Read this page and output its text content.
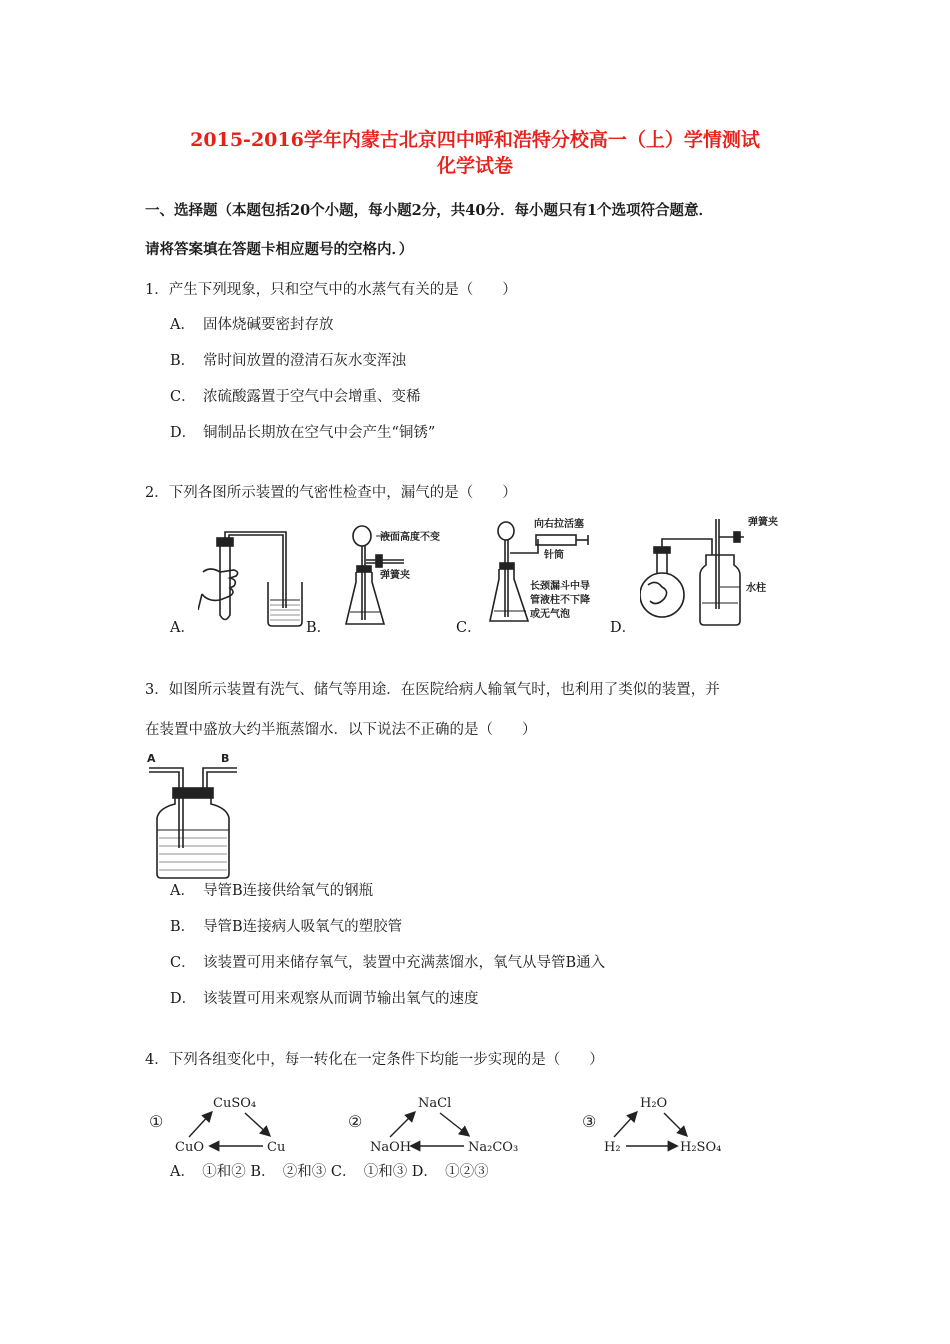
2015-2016学年内蒙古北京四中呼和浩特分校高一（上）学情测试
化学试卷
一、选择题（本题包括20个小题，每小题2分，共40分．每小题只有1个选项符合题意．
请将答案填在答题卡相应题号的空格内．）
1．产生下列现象，只和空气中的水蒸气有关的是（　　）
A． 固体烧碱要密封存放
B． 常时间放置的澄清石灰水变浑浊
C． 浓硫酸露置于空气中会增重、变稀
D． 铜制品长期放在空气中会产生“铜锈”
2．下列各图所示装置的气密性检查中，漏气的是（　　）
A．	B．	C．	D．
液面高度不变
弹簧夹
向右拉活塞
针筒
长颈漏斗中导
管液柱不下降
或无气泡
弹簧夹
水柱
3．如图所示装置有洗气、储气等用途．在医院给病人输氧气时，也利用了类似的装置，并
在装置中盛放大约半瓶蒸馏水．以下说法不正确的是（　　）
A	B
A． 导管B连接供给氧气的钢瓶
B． 导管B连接病人吸氧气的塑胶管
C． 该装置可用来储存氧气，装置中充满蒸馏水，氧气从导管B通入
D． 该装置可用来观察从而调节输出氧气的速度
4．下列各组变化中，每一转化在一定条件下均能一步实现的是（　　）
①
CuSO₄
CuO	Cu
②
NaCl
NaOH	Na₂CO₃
③
H₂O
H₂	H₂SO₄
A．　①和② B．　②和③ C．　①和③ D．　①②③
